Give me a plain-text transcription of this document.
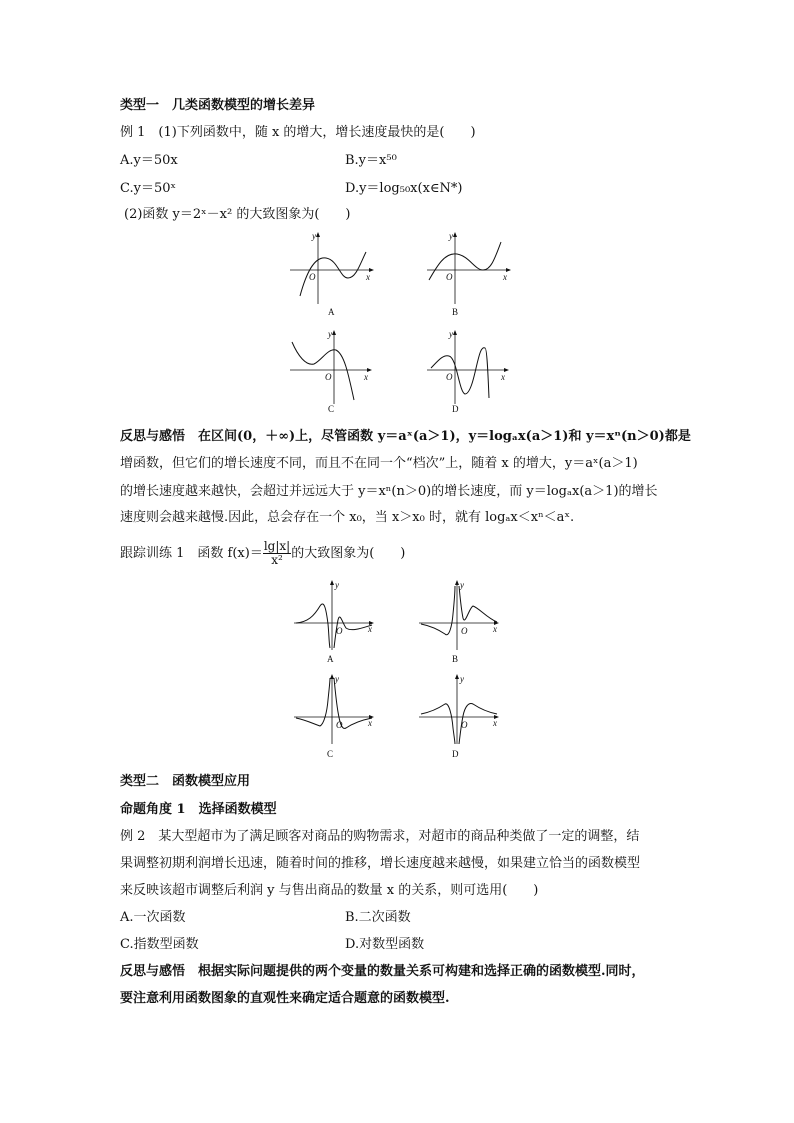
类型一　几类函数模型的增长差异
例 1　(1)下列函数中，随 x 的增大，增长速度最快的是(　　)
A.y＝50x	B.y＝x⁵⁰
C.y＝50ˣ	D.y＝log₅₀x(x∈N*)
(2)函数 y＝2ˣ－x² 的大致图象为(　　)
x
y
O
A
x
y
O
B
x
y
O
C
x
y
O
D
反思与感悟　在区间(0，＋∞)上，尽管函数 y＝aˣ(a＞1)，y＝logₐx(a＞1)和 y＝xⁿ(n＞0)都是
增函数，但它们的增长速度不同，而且不在同一个“档次”上，随着 x 的增大，y＝aˣ(a＞1)
的增长速度越来越快，会超过并远远大于 y＝xⁿ(n＞0)的增长速度，而 y＝logₐx(a＞1)的增长
速度则会越来越慢.因此，总会存在一个 x₀，当 x＞x₀ 时，就有 logₐx＜xⁿ＜aˣ.
跟踪训练 1　函数 $f(x)= \frac{\lg|x|}{\text{x²}}$ 的大致图象为(　　)
x
y
O
A
x
y
O
B
x
y
O
C
x
y
O
D
类型二　函数模型应用
命题角度 1　选择函数模型
例 2　某大型超市为了满足顾客对商品的购物需求，对超市的商品种类做了一定的调整，结
果调整初期利润增长迅速，随着时间的推移，增长速度越来越慢，如果建立恰当的函数模型
来反映该超市调整后利润 y 与售出商品的数量 x 的关系，则可选用(　　)
A.一次函数	B.二次函数
C.指数型函数	D.对数型函数
反思与感悟　根据实际问题提供的两个变量的数量关系可构建和选择正确的函数模型.同时，
要注意利用函数图象的直观性来确定适合题意的函数模型.
